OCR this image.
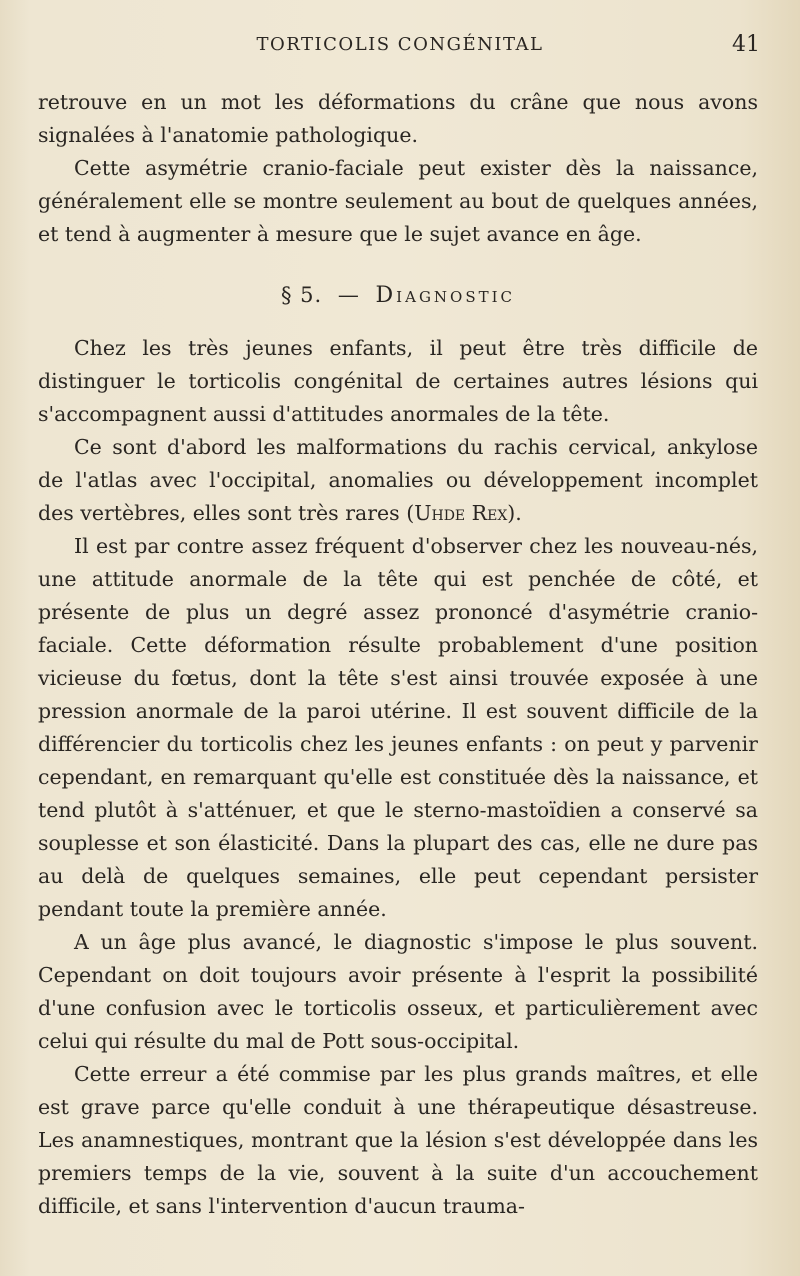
TORTICOLIS CONGÉNITAL	41

retrouve en un mot les déformations du crâne que nous avons signalées à l'anatomie pathologique.

Cette asymétrie cranio-faciale peut exister dès la naissance, généralement elle se montre seulement au bout de quelques années, et tend à augmenter à mesure que le sujet avance en âge.

§ 5. — Diagnostic

Chez les très jeunes enfants, il peut être très difficile de distinguer le torticolis congénital de certaines autres lésions qui s'accompagnent aussi d'attitudes anormales de la tête.

Ce sont d'abord les malformations du rachis cervical, ankylose de l'atlas avec l'occipital, anomalies ou développement incomplet des vertèbres, elles sont très rares (Uhde Rex).

Il est par contre assez fréquent d'observer chez les nouveau-nés, une attitude anormale de la tête qui est penchée de côté, et présente de plus un degré assez prononcé d'asymétrie cranio-faciale. Cette déformation résulte probablement d'une position vicieuse du fœtus, dont la tête s'est ainsi trouvée exposée à une pression anormale de la paroi utérine. Il est souvent difficile de la différencier du torticolis chez les jeunes enfants : on peut y parvenir cependant, en remarquant qu'elle est constituée dès la naissance, et tend plutôt à s'atténuer, et que le sterno-mastoïdien a conservé sa souplesse et son élasticité. Dans la plupart des cas, elle ne dure pas au delà de quelques semaines, elle peut cependant persister pendant toute la première année.

A un âge plus avancé, le diagnostic s'impose le plus souvent. Cependant on doit toujours avoir présente à l'esprit la possibilité d'une confusion avec le torticolis osseux, et particulièrement avec celui qui résulte du mal de Pott sous-occipital.

Cette erreur a été commise par les plus grands maîtres, et elle est grave parce qu'elle conduit à une thérapeutique désastreuse. Les anamnestiques, montrant que la lésion s'est développée dans les premiers temps de la vie, souvent à la suite d'un accouchement difficile, et sans l'intervention d'aucun trauma-
